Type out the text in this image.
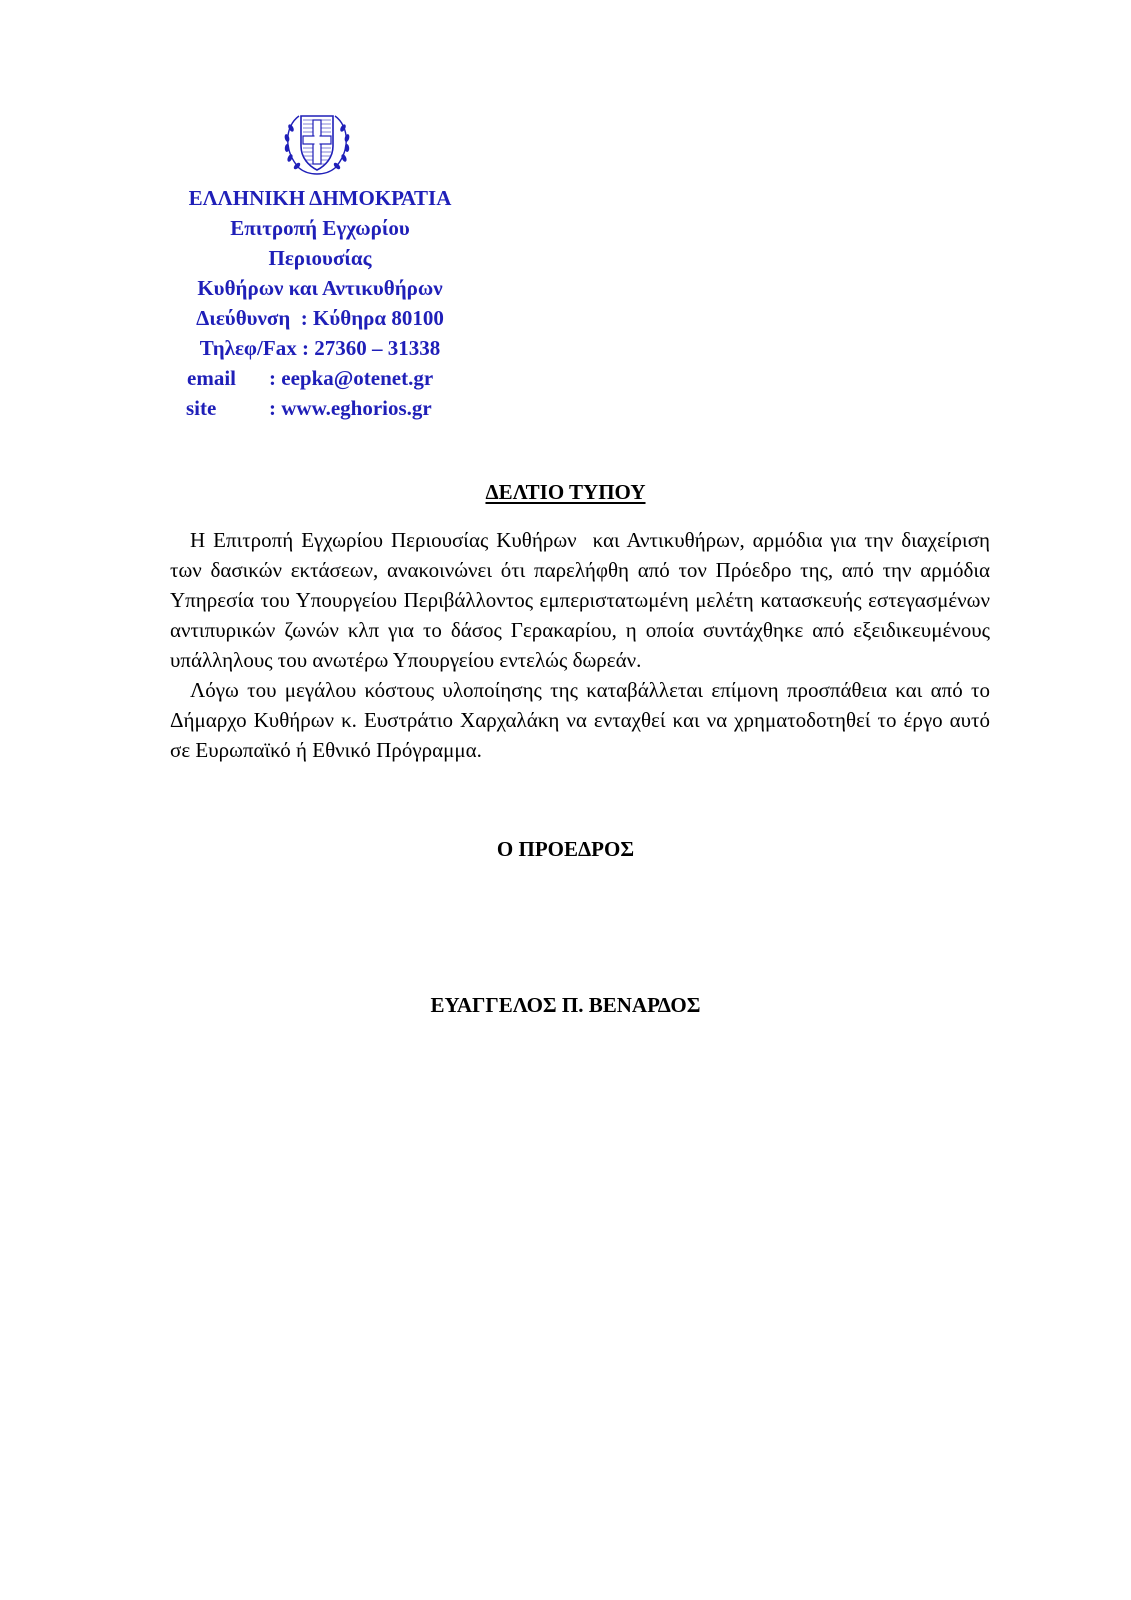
ΕΛΛΗΝΙΚΗ ΔΗΜΟΚΡΑΤΙΑ
Επιτροπή Εγχωρίου
Περιουσίας
Κυθήρων και Αντικυθήρων
Διεύθυνση  : Κύθηρα 80100
Τηλεφ/Fax : 27360 – 31338
email	: eepka@otenet.gr
site	: www.eghorios.gr
ΔΕΛΤΙΟ ΤΥΠΟΥ

Η Επιτροπή Εγχωρίου Περιουσίας Κυθήρων  και Αντικυθήρων, αρμόδια για την διαχείριση των δασικών εκτάσεων, ανακοινώνει ότι παρελήφθη από τον Πρόεδρο της, από την αρμόδια Υπηρεσία του Υπουργείου Περιβάλλοντος εμπεριστατωμένη μελέτη κατασκευής εστεγασμένων αντιπυρικών ζωνών κλπ για το δάσος Γερακαρίου, η οποία συντάχθηκε από εξειδικευμένους υπάλληλους του ανωτέρω Υπουργείου εντελώς δωρεάν.

Λόγω του μεγάλου κόστους υλοποίησης της καταβάλλεται επίμονη προσπάθεια και από το Δήμαρχο Κυθήρων κ. Ευστράτιο Χαρχαλάκη να ενταχθεί και να χρηματοδοτηθεί το έργο αυτό σε Ευρωπαϊκό ή Εθνικό Πρόγραμμα.

Ο ΠΡΟΕΔΡΟΣ
ΕΥΑΓΓΕΛΟΣ Π. ΒΕΝΑΡΔΟΣ
